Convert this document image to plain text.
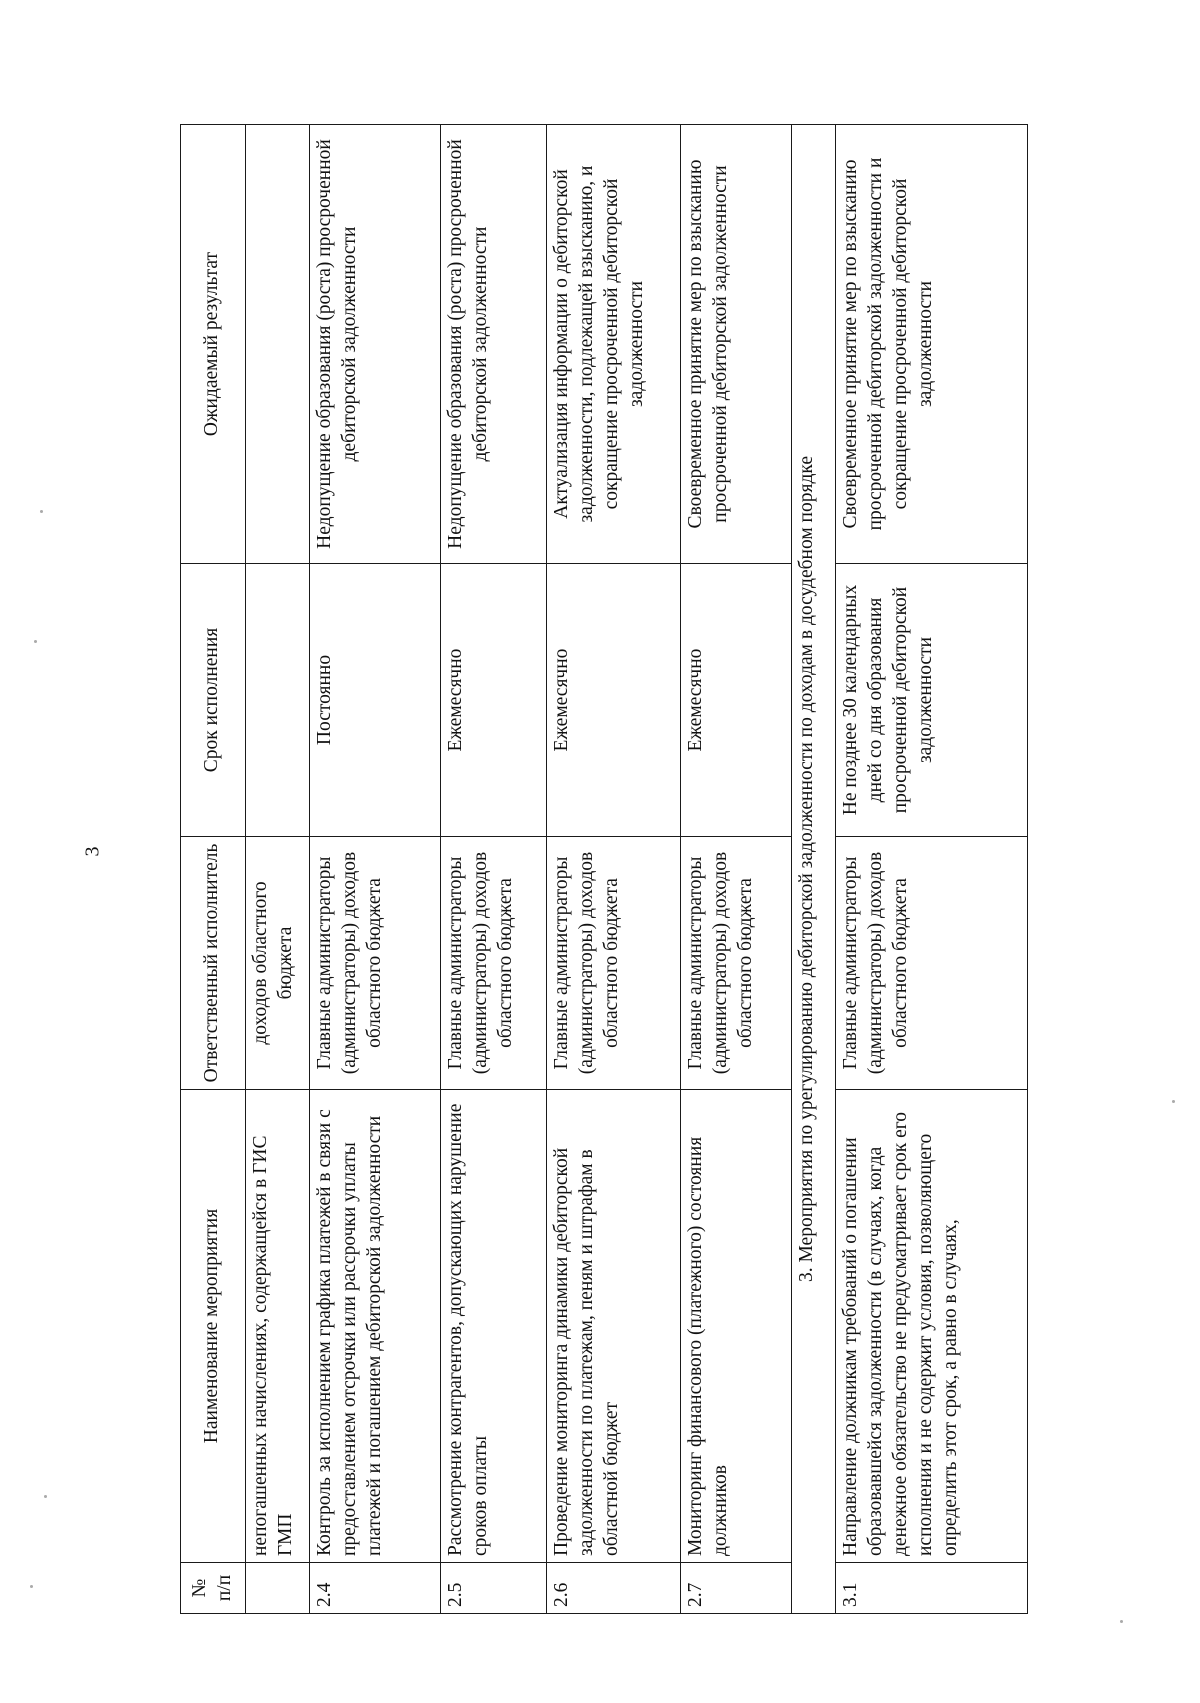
3
№ п/п	Наименование мероприятия	Ответственный исполнитель	Срок исполнения	Ожидаемый результат
	непогашенных начислениях, содержащейся в ГИС ГМП	доходов областного бюджета		
2.4	Контроль за исполнением графика платежей в связи с предоставлением отсрочки или рассрочки уплаты платежей и погашением дебиторской задолженности	Главные администраторы (администраторы) доходов областного бюджета	Постоянно	Недопущение образования (роста) просроченной дебиторской задолженности
2.5	Рассмотрение контрагентов, допускающих нарушение сроков оплаты	Главные администраторы (администраторы) доходов областного бюджета	Ежемесячно	Недопущение образования (роста) просроченной дебиторской задолженности
2.6	Проведение мониторинга динамики дебиторской задолженности по платежам, пеням и штрафам в областной бюджет	Главные администраторы (администраторы) доходов областного бюджета	Ежемесячно	Актуализация информации о дебиторской задолженности, подлежащей взысканию, и сокращение просроченной дебиторской задолженности
2.7	Мониторинг финансового (платежного) состояния должников	Главные администраторы (администраторы) доходов областного бюджета	Ежемесячно	Своевременное принятие мер по взысканию просроченной дебиторской задолженности
3. Мероприятия по урегулированию дебиторской задолженности по доходам в досудебном порядке				
3.1	Направление должникам требований о погашении образовавшейся задолженности (в случаях, когда денежное обязательство не предусматривает срок его исполнения и не содержит условия, позволяющего определить этот срок, а равно в случаях,	Главные администраторы (администраторы) доходов областного бюджета	Не позднее 30 календарных дней со дня образования просроченной дебиторской задолженности	Своевременное принятие мер по взысканию просроченной дебиторской задолженности и сокращение просроченной дебиторской задолженности
